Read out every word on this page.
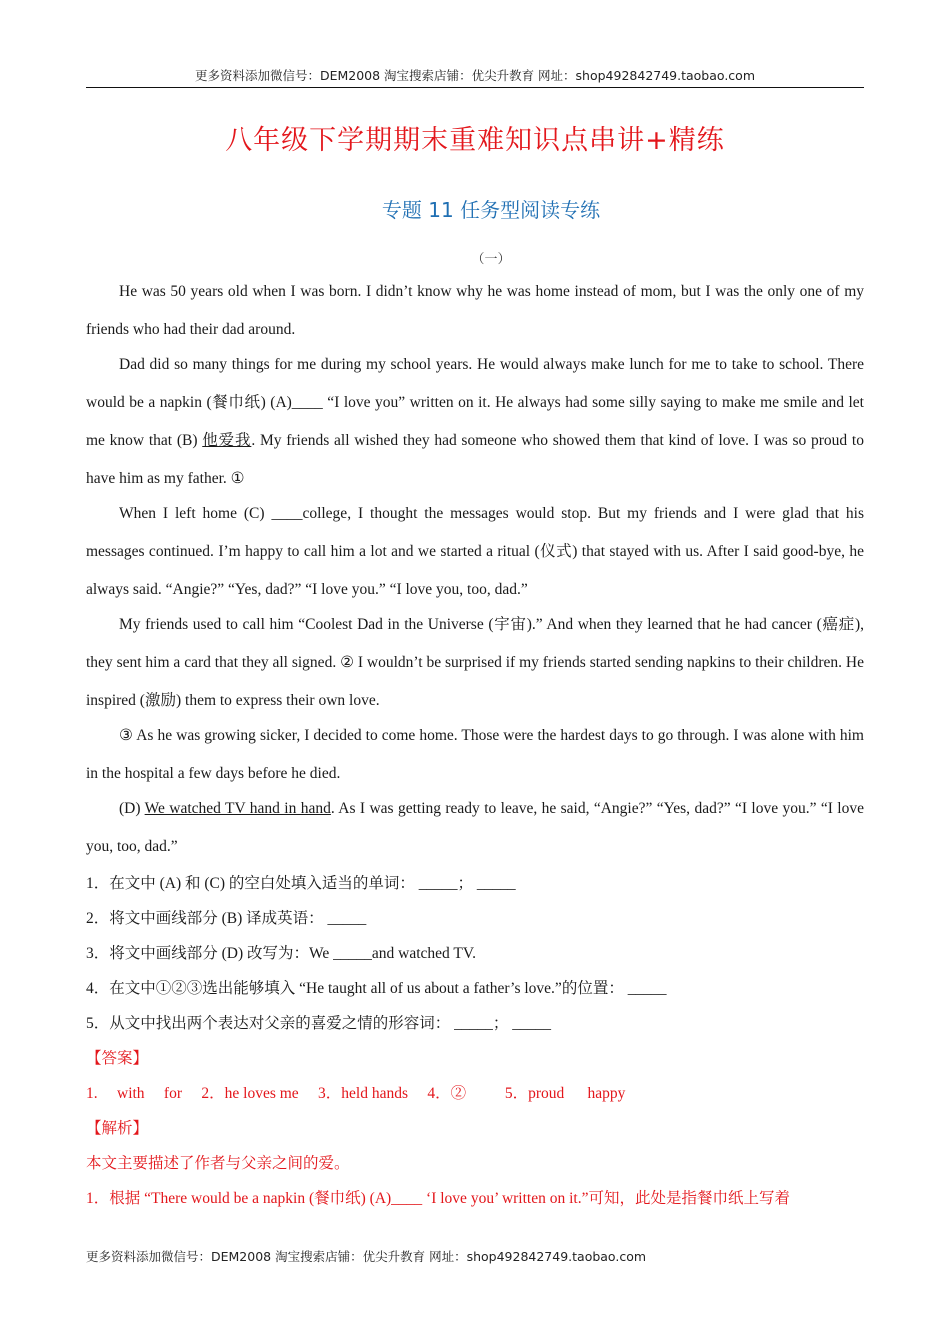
更多资料添加微信号：DEM2008 淘宝搜索店铺：优尖升教育 网址：shop492842749.taobao.com
八年级下学期期末重难知识点串讲+精练
专题 11 任务型阅读专练
（一）

He was 50 years old when I was born. I didn’t know why he was home instead of mom, but I was the only one of my friends who had their dad around.

Dad did so many things for me during my school years. He would always make lunch for me to take to school. There would be a napkin (餐巾纸) (A)____ “I love you” written on it. He always had some silly saying to make me smile and let me know that (B) 他爱我. My friends all wished they had someone who showed them that kind of love. I was so proud to have him as my father. ①

When I left home (C) ____college, I thought the messages would stop. But my friends and I were glad that his messages continued. I’m happy to call him a lot and we started a ritual (仪式) that stayed with us. After I said good-bye, he always said. “Angie?” “Yes, dad?” “I love you.” “I love you, too, dad.”

My friends used to call him “Coolest Dad in the Universe (宇宙).” And when they learned that he had cancer (癌症), they sent him a card that they all signed. ② I wouldn’t be surprised if my friends started sending napkins to their children. He inspired (激励) them to express their own love.

③ As he was growing sicker, I decided to come home. Those were the hardest days to go through. I was alone with him in the hospital a few days before he died.

(D) We watched TV hand in hand. As I was getting ready to leave, he said, “Angie?” “Yes, dad?” “I love you.” “I love you, too, dad.”

1．在文中 (A) 和 (C) 的空白处填入适当的单词： _____； _____

2．将文中画线部分 (B) 译成英语： _____

3．将文中画线部分 (D) 改写为：We _____and watched TV.

4．在文中①②③选出能够填入 “He taught all of us about a father’s love.”的位置： _____

5．从文中找出两个表达对父亲的喜爱之情的形容词： _____； _____

【答案】

1.     with     for     2．he loves me     3．held hands     4．②          5．proud      happy

【解析】

本文主要描述了作者与父亲之间的爱。

1．根据 “There would be a napkin (餐巾纸) (A)____ ‘I love you’ written on it.”可知，此处是指餐巾纸上写着

更多资料添加微信号：DEM2008 淘宝搜索店铺：优尖升教育 网址：shop492842749.taobao.com
